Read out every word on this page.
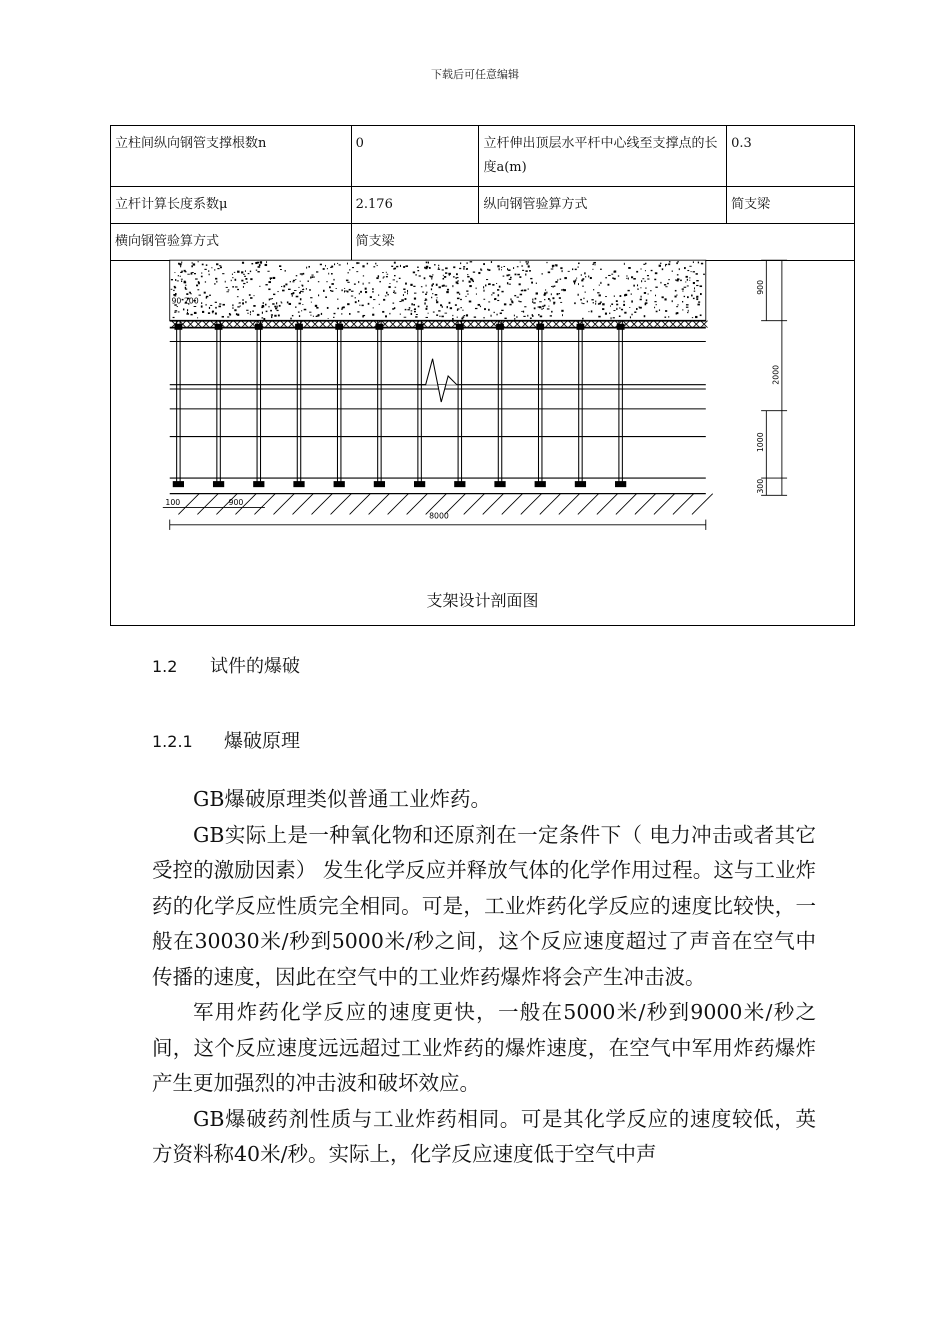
下载后可任意编辑
立柱间纵向钢管支撑根数n	0	立杆伸出顶层水平杆中心线至支撑点的长度a(m)	0.3
立杆计算长度系数μ	2.176	纵向钢管验算方式	简支梁
横向钢管验算方式	简支梁		
90 200
100	900
8000
900
2000
1000
300
支架设计剖面图
1.2 试件的爆破
1.2.1 爆破原理

GB爆破原理类似普通工业炸药。

GB实际上是一种氧化物和还原剂在一定条件下（ 电力冲击或者其它受控的激励因素） 发生化学反应并释放气体的化学作用过程。这与工业炸药的化学反应性质完全相同。可是，工业炸药化学反应的速度比较快，一般在30030米/秒到5000米/秒之间，这个反应速度超过了声音在空气中传播的速度，因此在空气中的工业炸药爆炸将会产生冲击波。

军用炸药化学反应的速度更快，一般在5000米/秒到9000米/秒之间，这个反应速度远远超过工业炸药的爆炸速度，在空气中军用炸药爆炸产生更加强烈的冲击波和破坏效应。

GB爆破药剂性质与工业炸药相同。可是其化学反应的速度较低，英方资料称40米/秒。实际上，化学反应速度低于空气中声
